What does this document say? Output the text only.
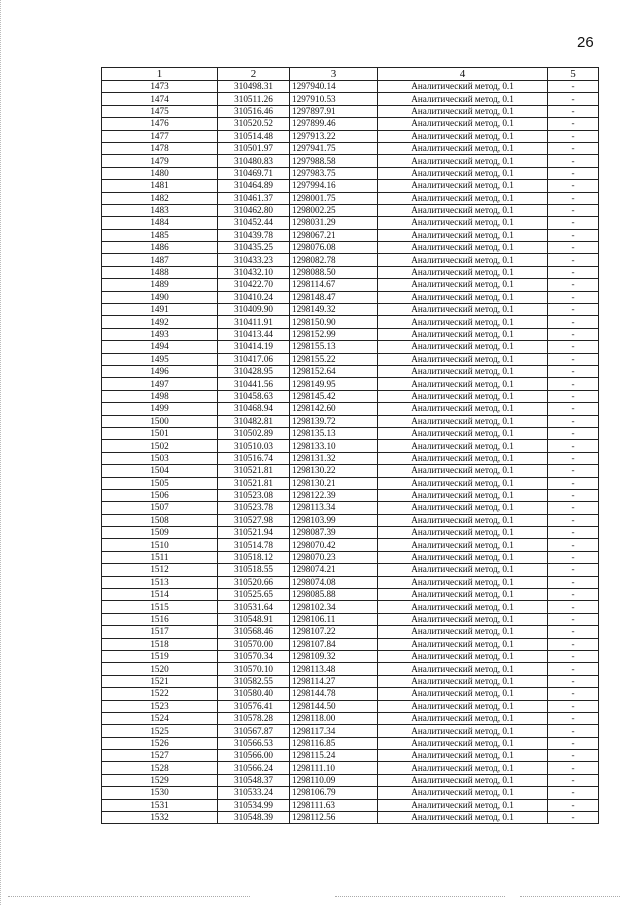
26
1	2	3	4	5
1473	310498.31	1297940.14	Аналитический метод, 0.1	-
1474	310511.26	1297910.53	Аналитический метод, 0.1	-
1475	310516.46	1297897.91	Аналитический метод, 0.1	-
1476	310520.52	1297899.46	Аналитический метод, 0.1	-
1477	310514.48	1297913.22	Аналитический метод, 0.1	-
1478	310501.97	1297941.75	Аналитический метод, 0.1	-
1479	310480.83	1297988.58	Аналитический метод, 0.1	-
1480	310469.71	1297983.75	Аналитический метод, 0.1	-
1481	310464.89	1297994.16	Аналитический метод, 0.1	-
1482	310461.37	1298001.75	Аналитический метод, 0.1	-
1483	310462.80	1298002.25	Аналитический метод, 0.1	-
1484	310452.44	1298031.29	Аналитический метод, 0.1	-
1485	310439.78	1298067.21	Аналитический метод, 0.1	-
1486	310435.25	1298076.08	Аналитический метод, 0.1	-
1487	310433.23	1298082.78	Аналитический метод, 0.1	-
1488	310432.10	1298088.50	Аналитический метод, 0.1	-
1489	310422.70	1298114.67	Аналитический метод, 0.1	-
1490	310410.24	1298148.47	Аналитический метод, 0.1	-
1491	310409.90	1298149.32	Аналитический метод, 0.1	-
1492	310411.91	1298150.90	Аналитический метод, 0.1	-
1493	310413.44	1298152.99	Аналитический метод, 0.1	-
1494	310414.19	1298155.13	Аналитический метод, 0.1	-
1495	310417.06	1298155.22	Аналитический метод, 0.1	-
1496	310428.95	1298152.64	Аналитический метод, 0.1	-
1497	310441.56	1298149.95	Аналитический метод, 0.1	-
1498	310458.63	1298145.42	Аналитический метод, 0.1	-
1499	310468.94	1298142.60	Аналитический метод, 0.1	-
1500	310482.81	1298139.72	Аналитический метод, 0.1	-
1501	310502.89	1298135.13	Аналитический метод, 0.1	-
1502	310510.03	1298133.10	Аналитический метод, 0.1	-
1503	310516.74	1298131.32	Аналитический метод, 0.1	-
1504	310521.81	1298130.22	Аналитический метод, 0.1	-
1505	310521.81	1298130.21	Аналитический метод, 0.1	-
1506	310523.08	1298122.39	Аналитический метод, 0.1	-
1507	310523.78	1298113.34	Аналитический метод, 0.1	-
1508	310527.98	1298103.99	Аналитический метод, 0.1	-
1509	310521.94	1298087.39	Аналитический метод, 0.1	-
1510	310514.78	1298070.42	Аналитический метод, 0.1	-
1511	310518.12	1298070.23	Аналитический метод, 0.1	-
1512	310518.55	1298074.21	Аналитический метод, 0.1	-
1513	310520.66	1298074.08	Аналитический метод, 0.1	-
1514	310525.65	1298085.88	Аналитический метод, 0.1	-
1515	310531.64	1298102.34	Аналитический метод, 0.1	-
1516	310548.91	1298106.11	Аналитический метод, 0.1	-
1517	310568.46	1298107.22	Аналитический метод, 0.1	-
1518	310570.00	1298107.84	Аналитический метод, 0.1	-
1519	310570.34	1298109.32	Аналитический метод, 0.1	-
1520	310570.10	1298113.48	Аналитический метод, 0.1	-
1521	310582.55	1298114.27	Аналитический метод, 0.1	-
1522	310580.40	1298144.78	Аналитический метод, 0.1	-
1523	310576.41	1298144.50	Аналитический метод, 0.1	-
1524	310578.28	1298118.00	Аналитический метод, 0.1	-
1525	310567.87	1298117.34	Аналитический метод, 0.1	-
1526	310566.53	1298116.85	Аналитический метод, 0.1	-
1527	310566.00	1298115.24	Аналитический метод, 0.1	-
1528	310566.24	1298111.10	Аналитический метод, 0.1	-
1529	310548.37	1298110.09	Аналитический метод, 0.1	-
1530	310533.24	1298106.79	Аналитический метод, 0.1	-
1531	310534.99	1298111.63	Аналитический метод, 0.1	-
1532	310548.39	1298112.56	Аналитический метод, 0.1	-
